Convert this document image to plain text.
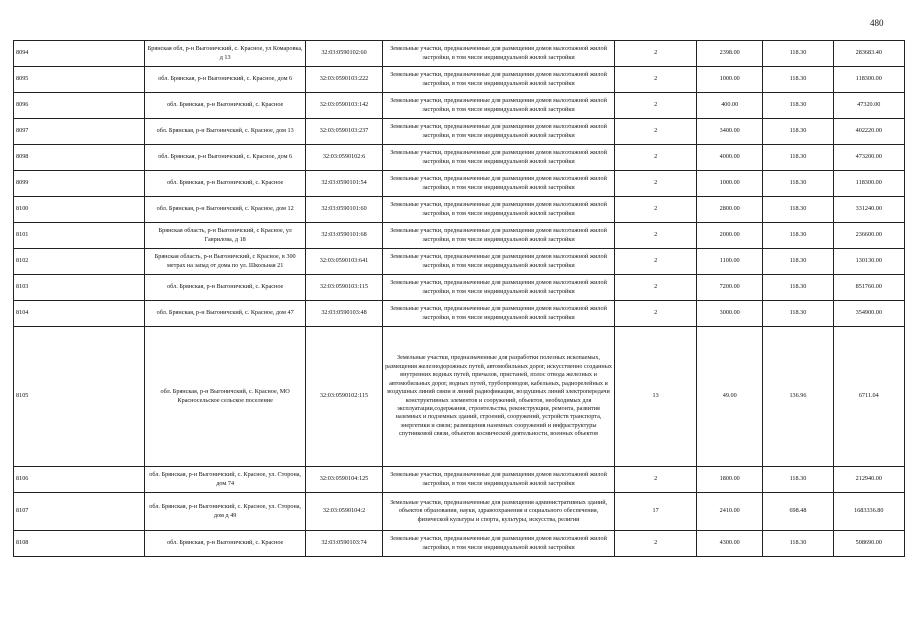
480
8094	Брянская обл, р-н Выгоничский, с. Красное, ул Комаровка, д 13	32:03:0590102:60	Земельные участки, предназначенные для размещения домов малоэтажной жилой застройки, в том числе индивидуальной жилой застройки	2	2398.00	118.30	283683.40
8095	обл. Брянская, р-н Выгоничский, с. Красное, дом 6	32:03:0590103:222	Земельные участки, предназначенные для размещения домов малоэтажной жилой застройки, в том числе индивидуальной жилой застройки	2	1000.00	118.30	118300.00
8096	обл. Брянская, р-н Выгоничский, с. Красное	32:03:0590103:142	Земельные участки, предназначенные для размещения домов малоэтажной жилой застройки, в том числе индивидуальной жилой застройки	2	400.00	118.30	47320.00
8097	обл. Брянская, р-н Выгоничский, с. Красное, дом 13	32:03:0590103:237	Земельные участки, предназначенные для размещения домов малоэтажной жилой застройки, в том числе индивидуальной жилой застройки	2	3400.00	118.30	402220.00
8098	обл. Брянская, р-н Выгоничский, с. Красное, дом 6	32:03:0590102:6	Земельные участки, предназначенные для размещения домов малоэтажной жилой застройки, в том числе индивидуальной жилой застройки	2	4000.00	118.30	473200.00
8099	обл. Брянская, р-н Выгоничский, с. Красное	32:03:0590101:54	Земельные участки, предназначенные для размещения домов малоэтажной жилой застройки, в том числе индивидуальной жилой застройки	2	1000.00	118.30	118300.00
8100	обл. Брянская, р-н Выгоничский, с. Красное, дом 12	32:03:0590101:60	Земельные участки, предназначенные для размещения домов малоэтажной жилой застройки, в том числе индивидуальной жилой застройки	2	2800.00	118.30	331240.00
8101	Брянская область, р-н Выгоничский, с Красное, ул Гаврилова, д 18	32:03:0590101:68	Земельные участки, предназначенные для размещения домов малоэтажной жилой застройки, в том числе индивидуальной жилой застройки	2	2000.00	118.30	236600.00
8102	Брянская область, р-н Выгоничский, с Красное, в 300 метрах на запад от дома по ул. Школьная 21	32:03:0590103:641	Земельные участки, предназначенные для размещения домов малоэтажной жилой застройки, в том числе индивидуальной жилой застройки	2	1100.00	118.30	130130.00
8103	обл. Брянская, р-н Выгоничский, с. Красное	32:03:0590103:115	Земельные участки, предназначенные для размещения домов малоэтажной жилой застройки, в том числе индивидуальной жилой застройки	2	7200.00	118.30	851760.00
8104	обл. Брянская, р-н Выгоничский, с. Красное, дом 47	32:03:0590103:48	Земельные участки, предназначенные для размещения домов малоэтажной жилой застройки, в том числе индивидуальной жилой застройки	2	3000.00	118.30	354900.00
8105	обл. Брянская, р-н Выгоничский, с. Красное, МО Красносельское сельское поселение	32:03:0590102:115	Земельные участки, предназначенные для разработки полезных ископаемых, размещения железнодорожных путей, автомобильных дорог, искусственно созданных внутренних водных путей, причалов, пристаней, полос отвода железных и автомобильных дорог, водных путей, трубопроводов, кабельных, радиорелейных и воздушных линий связи и линий радиофикации, воздушных линий электропередачи конструктивных элементов и сооружений, объектов, необходимых для эксплуатации,содержания, строительства, реконструкции, ремонта, развития наземных и подземных зданий, строений, сооружений, устройств транспорта, энергетики и связи; размещения наземных сооружений и инфраструктуры спутниковой связи, объектов космической деятельности, военных объектов	13	49.00	136.96	6711.04
8106	обл. Брянская, р-н Выгоничский, с. Красное, ул. Сторона, дом 74	32:03:0590104:125	Земельные участки, предназначенные для размещения домов малоэтажной жилой застройки, в том числе индивидуальной жилой застройки	2	1800.00	118.30	212940.00
8107	обл. Брянская, р-н Выгоничский, с. Красное, ул. Сторона, дом д 49	32:03:0590104:2	Земельные участки, предназначенные для размещения административных зданий, объектов образования, науки, здравоохранения и социального обеспечения, физической культуры и спорта, культуры, искусства, религии	17	2410.00	698.48	1683336.80
8108	обл. Брянская, р-н Выгоничский, с. Красное	32:03:0590103:74	Земельные участки, предназначенные для размещения домов малоэтажной жилой застройки, в том числе индивидуальной жилой застройки	2	4300.00	118.30	508690.00
